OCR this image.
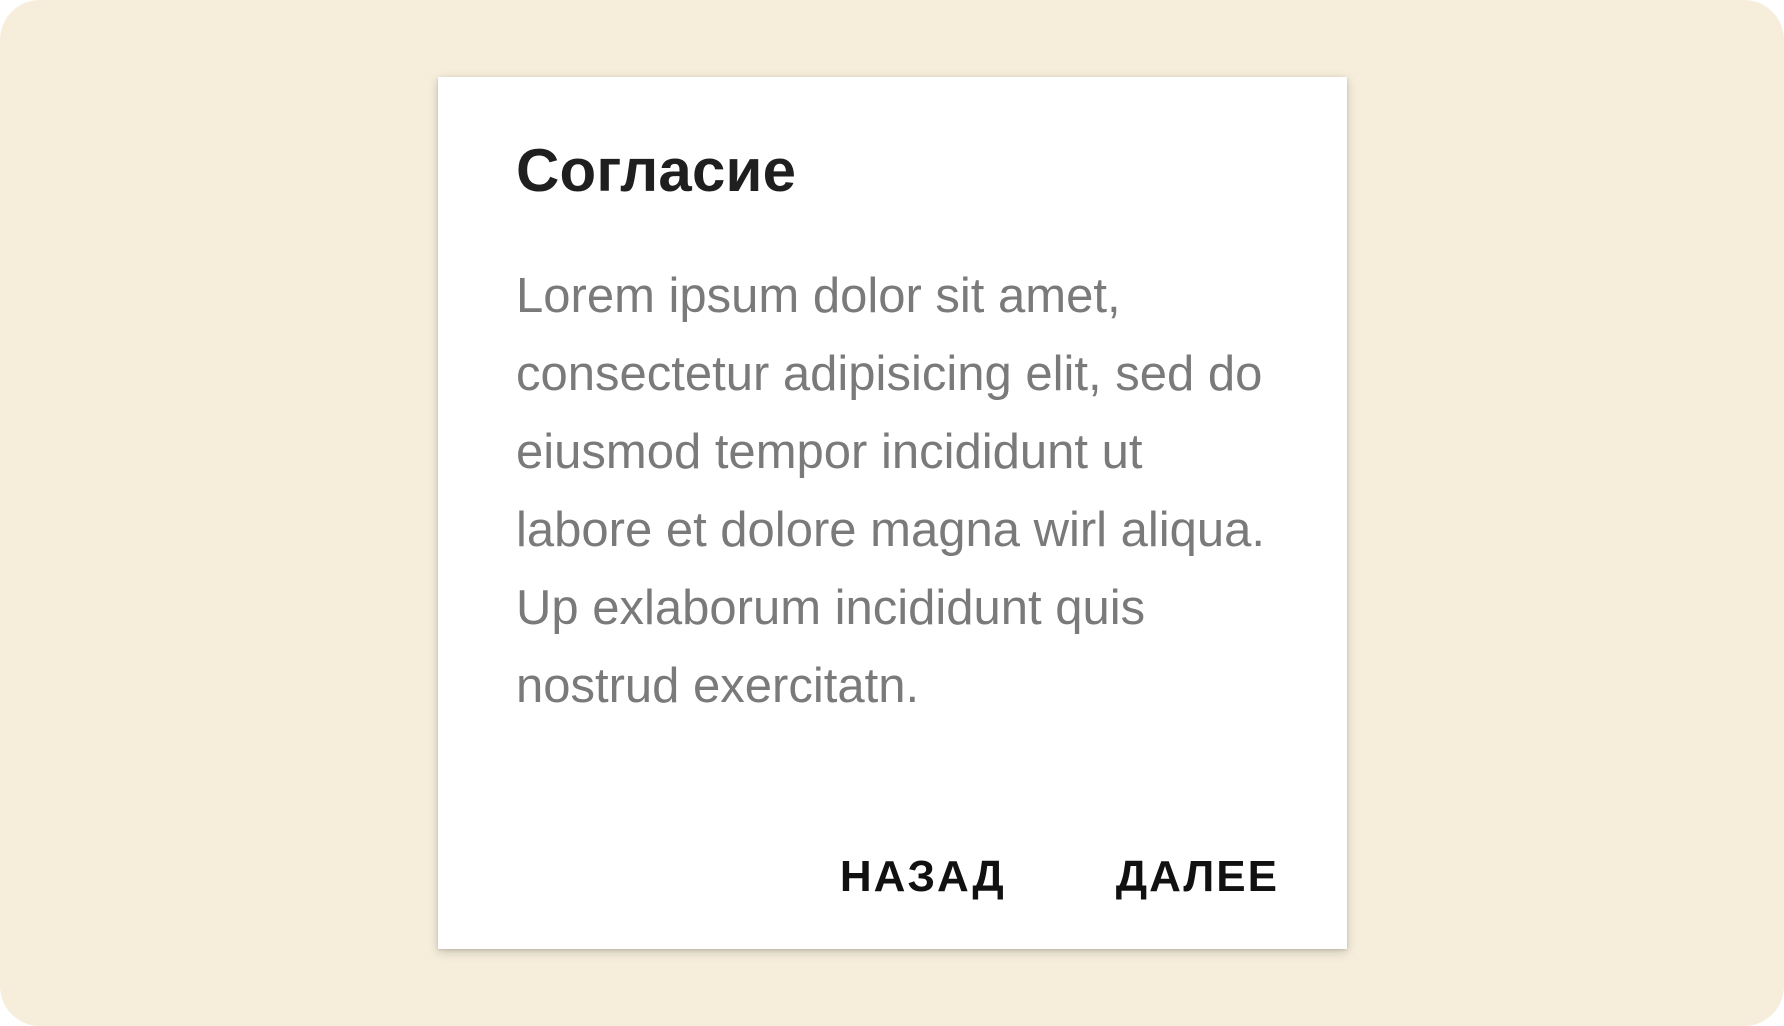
Согласие

Lorem ipsum dolor sit amet, consectetur adipisicing elit, sed do eiusmod tempor incididunt ut labore et dolore magna wirl aliqua. Up exlaborum incididunt quis nostrud exercitatn.

НАЗАД	ДАЛЕЕ
